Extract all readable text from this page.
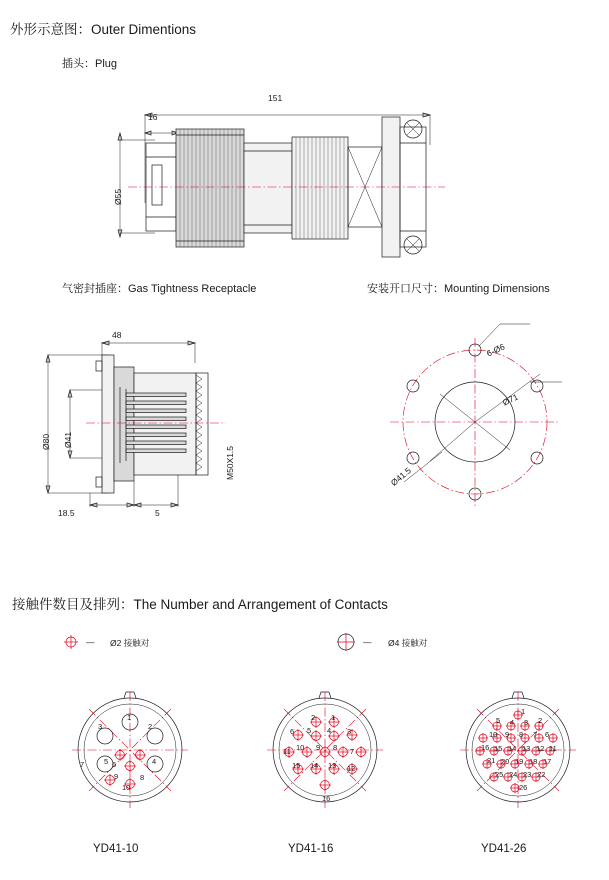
外形示意图：Outer Dimentions
插头：Plug
151
16
Ø55
气密封插座：Gas Tightness Receptacle	安装开口尺寸：Mounting Dimensions
48
Ø80 Ø41
M50X1.5
18.5	5
6-Ø6
Ø71
Ø41.5
接触件数目及排列：The Number and Arrangement of Contacts
— Ø2 接触对	— Ø4 接触对
1
2
3
4
5 6
7
8
9
10
YD41-10
1
2
3
4
5
6
7
8
9
10
11
12
13
14
15
16
YD41-16
1
2
3
4
5
6
7
8
9
10
11
12
13
14
15
16
17
18
19
20
21
22
23
24
25
26
YD41-26
